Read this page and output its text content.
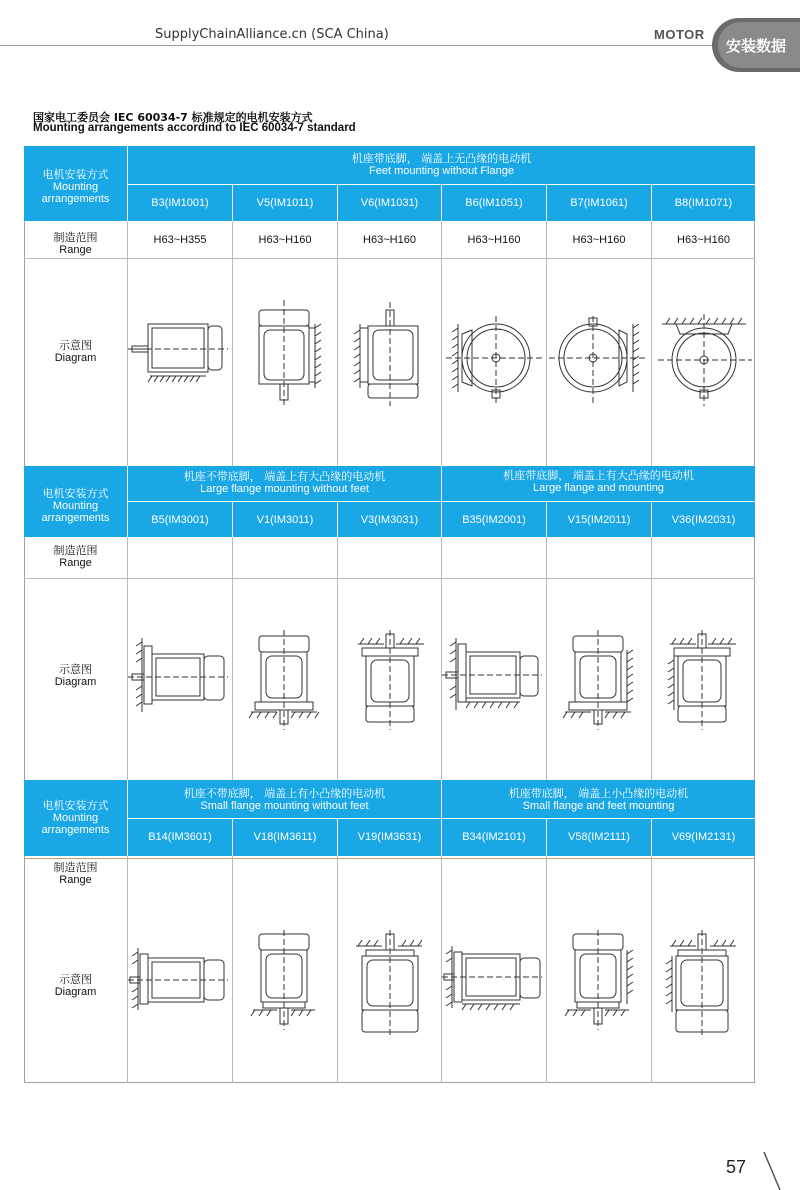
SupplyChainAlliance.cn (SCA China)	MOTOR
安装数据
国家电工委员会 IEC 60034-7 标准规定的电机安装方式
Mounting arrangements accordind to IEC 60034-7 standard
机座带底脚， 端盖上无凸缘的电动机
Feet mounting without Flange
电机安装方式
Mounting
arrangements	B3(IM1001)	V5(IM1011)	V6(IM1031)	B6(IM1051)	B7(IM1061)	B8(IM1071)
制造范围
Range
H63~H355	H63~H160	H63~H160	H63~H160	H63~H160	H63~H160
示意图
Diagram
机座不带底脚， 端盖上有大凸缘的电动机
Large flange mounting without feet
机座带底脚， 端盖上有大凸缘的电动机
Large flange and mounting
电机安装方式
Mounting
arrangements	B5(IM3001)	V1(IM3011)	V3(IM3031)	B35(IM2001)	V15(IM2011)	V36(IM2031)
制造范围
Range
示意图
Diagram
机座不带底脚， 端盖上有小凸缘的电动机
Small flange mounting without feet
机座带底脚， 端盖上小凸缘的电动机
Small flange and feet mounting
电机安装方式
Mounting
arrangements
B14(IM3601)	V18(IM3611)	V19(IM3631)	B34(IM2101)	V58(IM2111)	V69(IM2131)
制造范围
Range
示意图
Diagram
57
